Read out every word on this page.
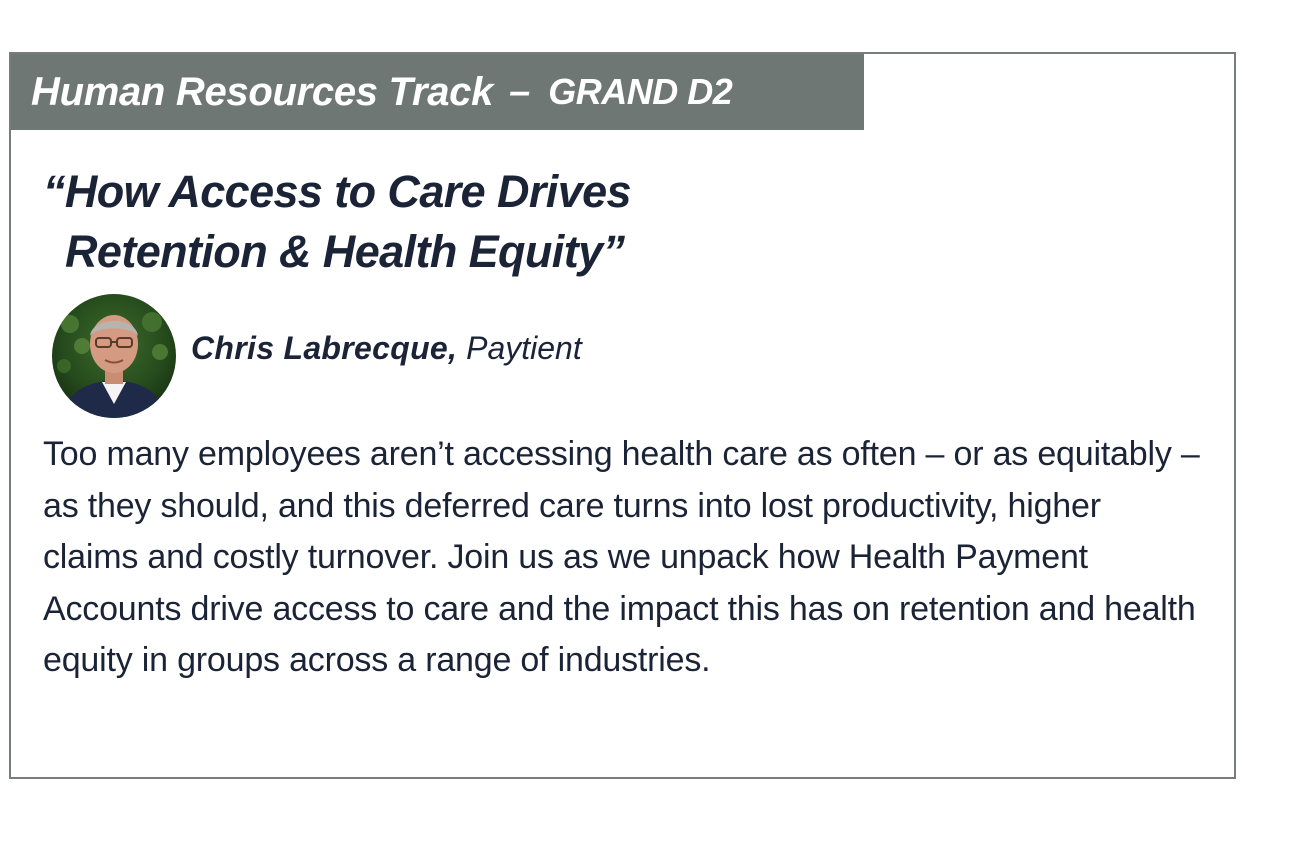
Human Resources Track – GRAND D2
“How Access to Care Drives
Retention & Health Equity”
Chris Labrecque, Paytient

Too many employees aren’t accessing health care as often – or as equitably – as they should, and this deferred care turns into lost productivity, higher claims and costly turnover. Join us as we unpack how Health Payment Accounts drive access to care and the impact this has on retention and health equity in groups across a range of industries.
